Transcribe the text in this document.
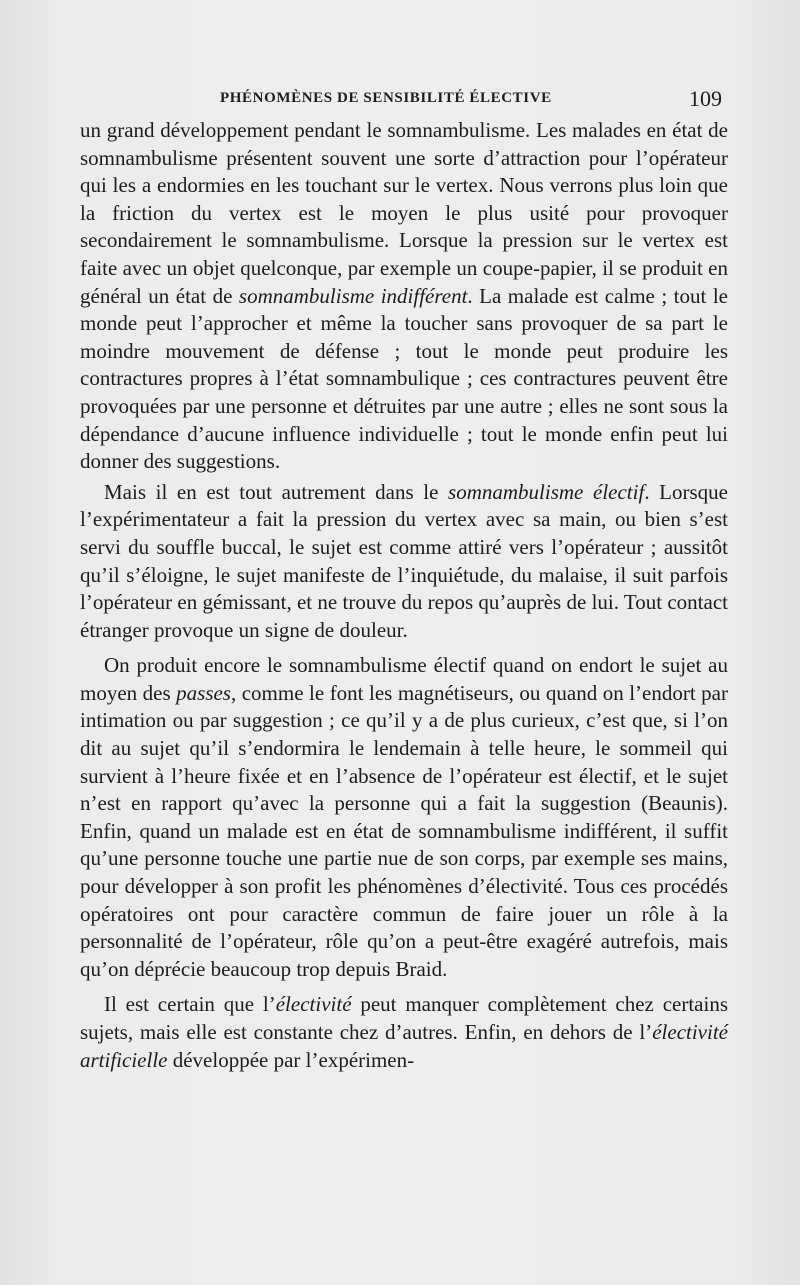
PHÉNOMÈNES DE SENSIBILITÉ ÉLECTIVE	109

un grand développement pendant le somnambulisme. Les malades en état de somnambulisme présentent souvent une sorte d’attraction pour l’opérateur qui les a endormies en les touchant sur le vertex. Nous verrons plus loin que la friction du vertex est le moyen le plus usité pour provoquer secondairement le somnambulisme. Lorsque la pression sur le vertex est faite avec un objet quelconque, par exemple un coupe-papier, il se produit en général un état de somnambulisme indifférent. La malade est calme ; tout le monde peut l’approcher et même la toucher sans provoquer de sa part le moindre mouvement de défense ; tout le monde peut produire les contractures propres à l’état somnambulique ; ces contractures peuvent être provoquées par une personne et détruites par une autre ; elles ne sont sous la dépendance d’aucune influence individuelle ; tout le monde enfin peut lui donner des suggestions.

Mais il en est tout autrement dans le somnambulisme électif. Lorsque l’expérimentateur a fait la pression du vertex avec sa main, ou bien s’est servi du souffle buccal, le sujet est comme attiré vers l’opérateur ; aussitôt qu’il s’éloigne, le sujet manifeste de l’inquiétude, du malaise, il suit parfois l’opérateur en gémissant, et ne trouve du repos qu’auprès de lui. Tout contact étranger provoque un signe de douleur.

On produit encore le somnambulisme électif quand on endort le sujet au moyen des passes, comme le font les magnétiseurs, ou quand on l’endort par intimation ou par suggestion ; ce qu’il y a de plus curieux, c’est que, si l’on dit au sujet qu’il s’endormira le lendemain à telle heure, le sommeil qui survient à l’heure fixée et en l’absence de l’opérateur est électif, et le sujet n’est en rapport qu’avec la personne qui a fait la suggestion (Beaunis). Enfin, quand un malade est en état de somnambulisme indifférent, il suffit qu’une personne touche une partie nue de son corps, par exemple ses mains, pour développer à son profit les phénomènes d’électivité. Tous ces procédés opératoires ont pour caractère commun de faire jouer un rôle à la personnalité de l’opérateur, rôle qu’on a peut-être exagéré autrefois, mais qu’on déprécie beaucoup trop depuis Braid.

Il est certain que l’électivité peut manquer complètement chez certains sujets, mais elle est constante chez d’autres. Enfin, en dehors de l’électivité artificielle développée par l’expérimen-
